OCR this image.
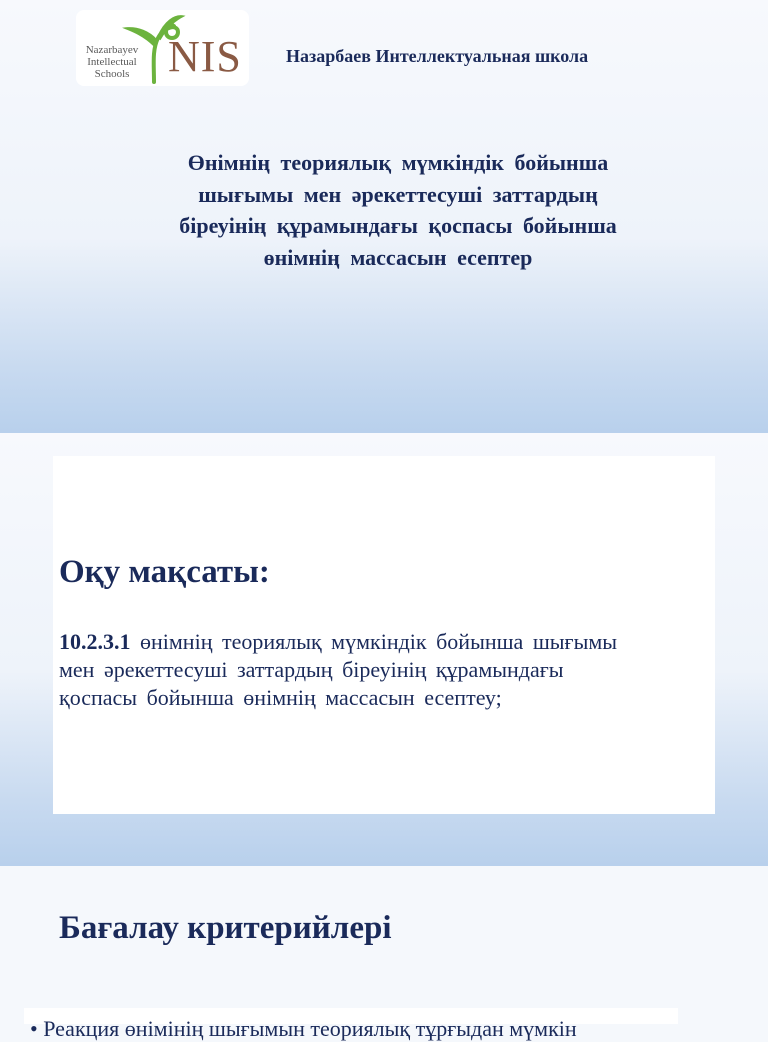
Nazarbayev
Intellectual
Schools NIS Назарбаев Интеллектуальная школа
Өнімнің теориялық мүмкіндік бойынша
шығымы мен әрекеттесуші заттардың
біреуінің құрамындағы қоспасы бойынша
өнімнің массасын есептер
Оқу мақсаты:
10.2.3.1 өнімнің теориялық мүмкіндік бойынша шығымы
мен әрекеттесуші заттардың біреуінің құрамындағы
қоспасы бойынша өнімнің массасын есептеу;
Бағалау критерийлері
• Реакция өнімінің шығымын теориялық тұрғыдан мүмкін
